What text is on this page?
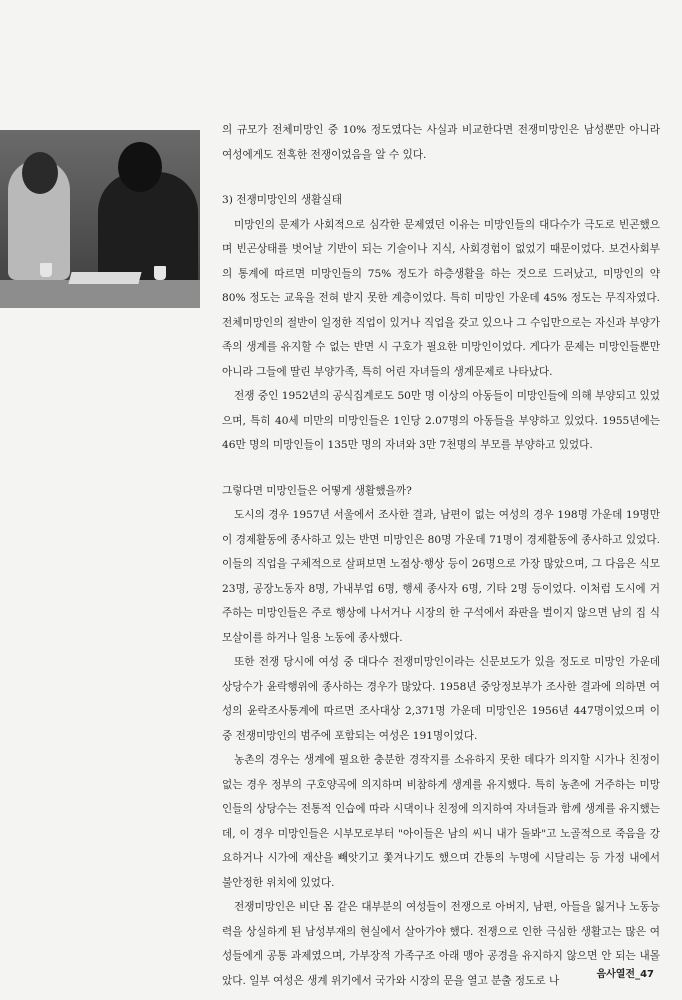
의 규모가 전체미망인 중 10% 정도였다는 사실과 비교한다면 전쟁미망인은 남성뿐만 아니라 여성에게도 전혹한 전쟁이었음을 알 수 있다.

3) 전쟁미망인의 생활실태

미망인의 문제가 사회적으로 심각한 문제였던 이유는 미망인들의 대다수가 극도로 빈곤했으며 빈곤상태를 벗어날 기반이 되는 기술이나 지식, 사회경험이 없었기 때문이었다. 보건사회부의 통계에 따르면 미망인들의 75% 정도가 하층생활을 하는 것으로 드러났고, 미망인의 약 80% 정도는 교육을 전혀 받지 못한 계층이었다. 특히 미망인 가운데 45% 정도는 무직자였다. 전체미망인의 절반이 일정한 직업이 있거나 직업을 갖고 있으나 그 수입만으로는 자신과 부양가족의 생계를 유지할 수 없는 반면 시 구호가 필요한 미망인이었다. 게다가 문제는 미망인들뿐만 아니라 그들에 딸린 부양가족, 특히 어린 자녀들의 생계문제로 나타났다.

전쟁 중인 1952년의 공식집계로도 50만 명 이상의 아동들이 미망인들에 의해 부양되고 있었으며, 특히 40세 미만의 미망인들은 1인당 2.07명의 아동들을 부양하고 있었다. 1955년에는 46만 명의 미망인들이 135만 명의 자녀와 3만 7천명의 부모를 부양하고 있었다.

그렇다면 미망인들은 어떻게 생활했을까?

도시의 경우 1957년 서울에서 조사한 결과, 남편이 없는 여성의 경우 198명 가운데 19명만이 경제활동에 종사하고 있는 반면 미망인은 80명 가운데 71명이 경제활동에 종사하고 있었다. 이들의 직업을 구체적으로 살펴보면 노점상·행상 등이 26명으로 가장 많았으며, 그 다음은 식모 23명, 공장노동자 8명, 가내부업 6명, 행세 종사자 6명, 기타 2명 등이었다. 이처럼 도시에 거주하는 미망인들은 주로 행상에 나서거나 시장의 한 구석에서 좌판을 벌이지 않으면 남의 집 식모살이를 하거나 일용 노동에 종사했다.

또한 전쟁 당시에 여성 중 대다수 전쟁미망인이라는 신문보도가 있을 정도로 미망인 가운데 상당수가 윤락행위에 종사하는 경우가 많았다. 1958년 중앙정보부가 조사한 결과에 의하면 여성의 윤락조사통계에 따르면 조사대상 2,371명 가운데 미망인은 1956년 447명이었으며 이 중 전쟁미망인의 범주에 포함되는 여성은 191명이었다.

농촌의 경우는 생계에 필요한 충분한 경작지를 소유하지 못한 데다가 의지할 시가나 친정이 없는 경우 정부의 구호양곡에 의지하며 비참하게 생계를 유지했다. 특히 농촌에 거주하는 미망인들의 상당수는 전통적 인습에 따라 시댁이나 친정에 의지하여 자녀들과 함께 생계를 유지했는데, 이 경우 미망인들은 시부모로부터 "아이들은 남의 씨니 내가 돌봐"고 노골적으로 죽음을 강요하거나 시가에 재산을 빼앗기고 쫓겨나기도 했으며 간통의 누명에 시달리는 등 가정 내에서 불안정한 위치에 있었다.

전쟁미망인은 비단 몸 같은 대부분의 여성들이 전쟁으로 아버지, 남편, 아들을 잃거나 노동능력을 상실하게 된 남성부재의 현실에서 살아가야 했다. 전쟁으로 인한 극심한 생활고는 많은 여성들에게 공통 과제였으며, 가부장적 가족구조 아래 맹아 공경을 유지하지 않으면 안 되는 내몰았다. 일부 여성은 생계 위기에서 국가와 시장의 문을 열고 분출 정도로 나	음사열전_47
